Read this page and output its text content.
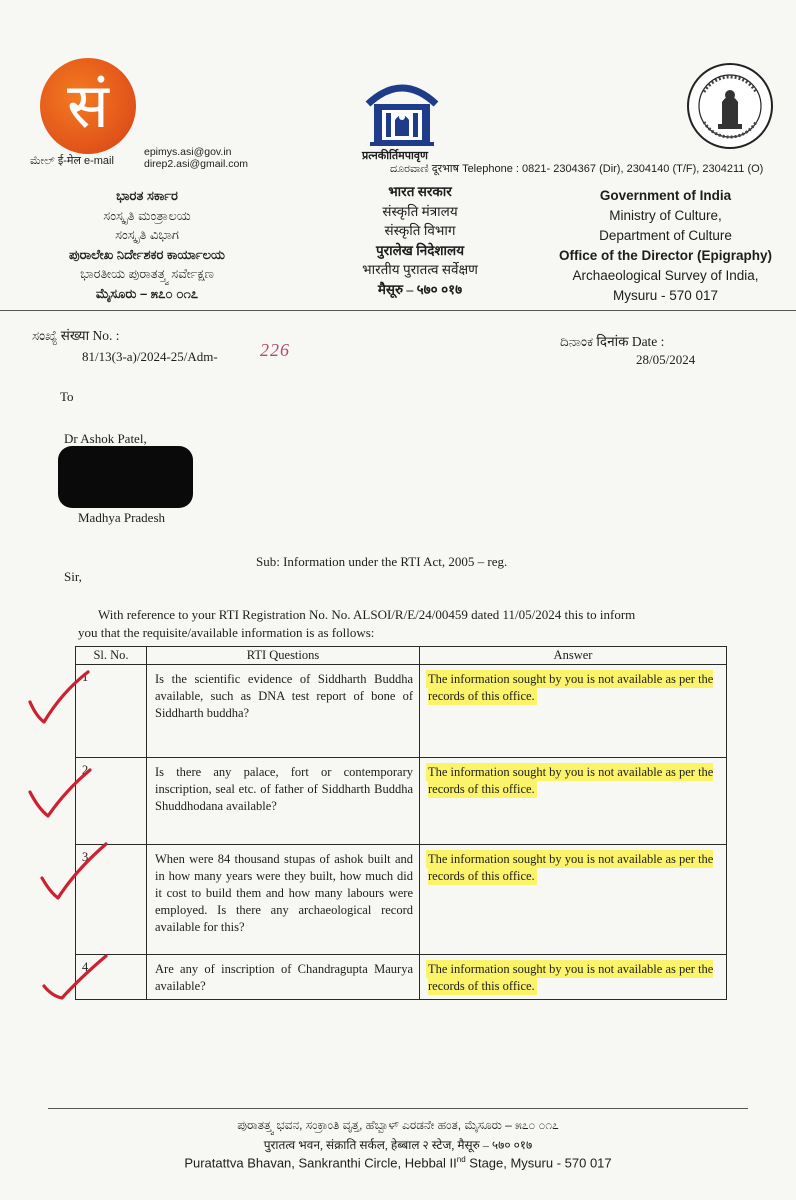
सं
प्रत्नकीर्तिमपावृण
ಮೇಲ್ ई-मेल e-mail
epimys.asi@gov.in
direp2.asi@gmail.com	ದೂರವಾಣಿ दूरभाष Telephone : 0821- 2304367 (Dir), 2304140 (T/F), 2304211 (O)
ಭಾರತ ಸರ್ಕಾರ
ಸಂಸ್ಕೃತಿ ಮಂತ್ರಾಲಯ
ಸಂಸ್ಕೃತಿ ವಿಭಾಗ
ಪುರಾಲೇಖ ನಿರ್ದೇಶಕರ ಕಾರ್ಯಾಲಯ
ಭಾರತೀಯ ಪುರಾತತ್ತ್ವ ಸರ್ವೇಕ್ಷಣ
ಮೈಸೂರು – ೫೭೦ ೦೧೭
भारत सरकार
संस्कृति मंत्रालय
संस्कृति विभाग
पुरालेख निदेशालय
भारतीय पुरातत्व सर्वेक्षण
मैसूरु – ५७० ०१७
Government of India
Ministry of Culture,
Department of Culture
Office of the Director (Epigraphy)
Archaeological Survey of India,
Mysuru - 570 017
ಸಂಖ್ಯೆ संख्या No. :
81/13(3-a)/2024-25/Adm- 226	ದಿನಾಂಕ दिनांक Date :
28/05/2024
To
Dr Ashok Patel,
Madhya Pradesh
Sub: Information under the RTI Act, 2005 – reg.
Sir,
With reference to your RTI Registration No. No. ALSOI/R/E/24/00459 dated 11/05/2024 this to inform
you that the requisite/available information is as follows:
Sl. No.	RTI Questions	Answer
1	Is the scientific evidence of Siddharth Buddha available, such as DNA test report of bone of Siddharth buddha?	The information sought by you is not available as per the records of this office.
2	Is there any palace, fort or contemporary inscription, seal etc. of father of Siddharth Buddha Shuddhodana available?	The information sought by you is not available as per the records of this office.
3	When were 84 thousand stupas of ashok built and in how many years were they built, how much did it cost to build them and how many labours were employed. Is there any archaeological record available for this?	The information sought by you is not available as per the records of this office.
4	Are any of inscription of Chandragupta Maurya available?	The information sought by you is not available as per the records of this office.
ಪುರಾತತ್ತ್ವ ಭವನ, ಸಂಕ್ರಾಂತಿ ವೃತ್ತ, ಹೆಬ್ಬಾಳ್ ಎರಡನೇ ಹಂತ, ಮೈಸೂರು – ೫೭೦ ೦೧೭
पुरातत्व भवन, संक्राति सर्कल, हेब्बाल २ स्टेज, मैसूरु – ५७० ०१७
Puratattva Bhavan, Sankranthi Circle, Hebbal IInd Stage, Mysuru - 570 017
